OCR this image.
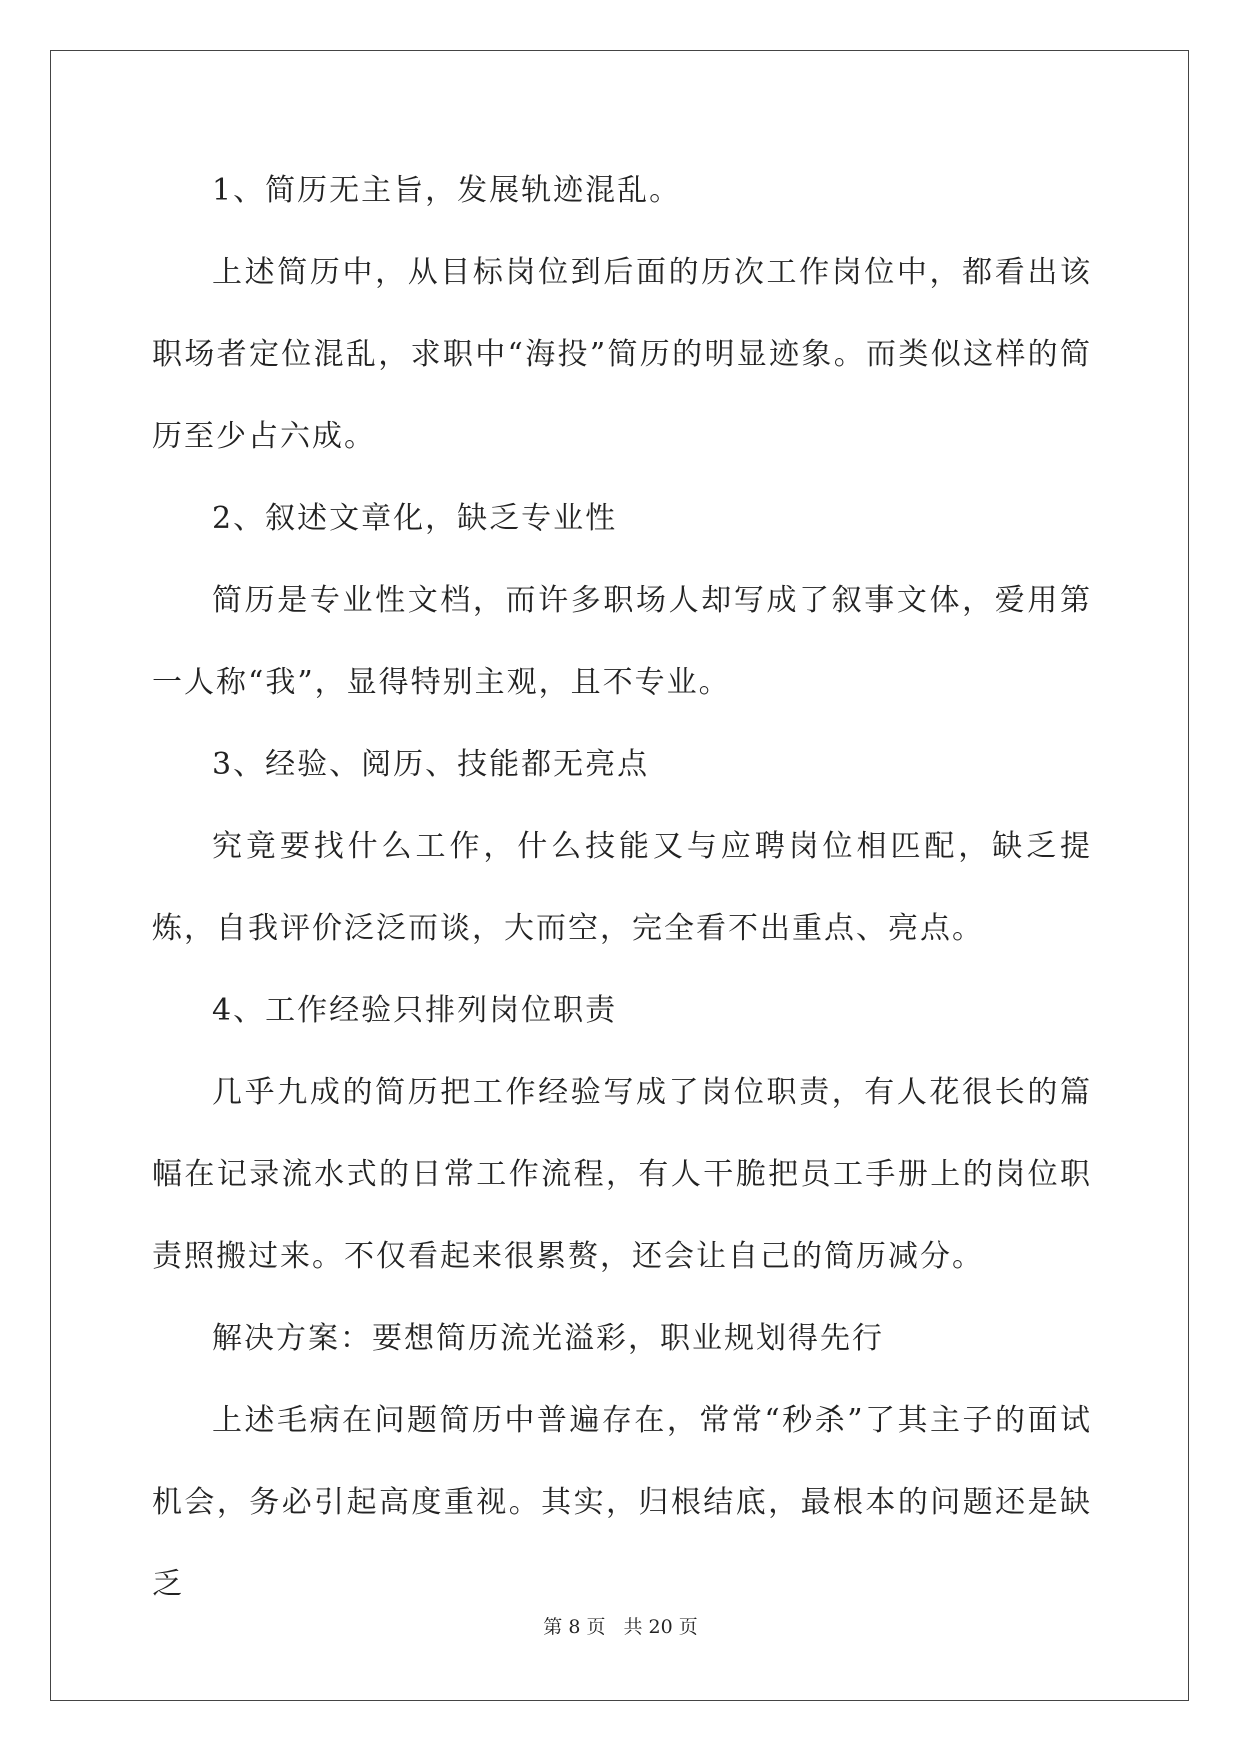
1、简历无主旨，发展轨迹混乱。

上述简历中，从目标岗位到后面的历次工作岗位中，都看出该职场者定位混乱，求职中“海投”简历的明显迹象。而类似这样的简历至少占六成。

2、叙述文章化，缺乏专业性

简历是专业性文档，而许多职场人却写成了叙事文体，爱用第一人称“我”，显得特别主观，且不专业。

3、经验、阅历、技能都无亮点

究竟要找什么工作，什么技能又与应聘岗位相匹配，缺乏提炼，自我评价泛泛而谈，大而空，完全看不出重点、亮点。

4、工作经验只排列岗位职责

几乎九成的简历把工作经验写成了岗位职责，有人花很长的篇幅在记录流水式的日常工作流程，有人干脆把员工手册上的岗位职责照搬过来。不仅看起来很累赘，还会让自己的简历减分。

解决方案：要想简历流光溢彩，职业规划得先行

上述毛病在问题简历中普遍存在，常常“秒杀”了其主子的面试机会，务必引起高度重视。其实，归根结底，最根本的问题还是缺乏

第 8 页 共 20 页
